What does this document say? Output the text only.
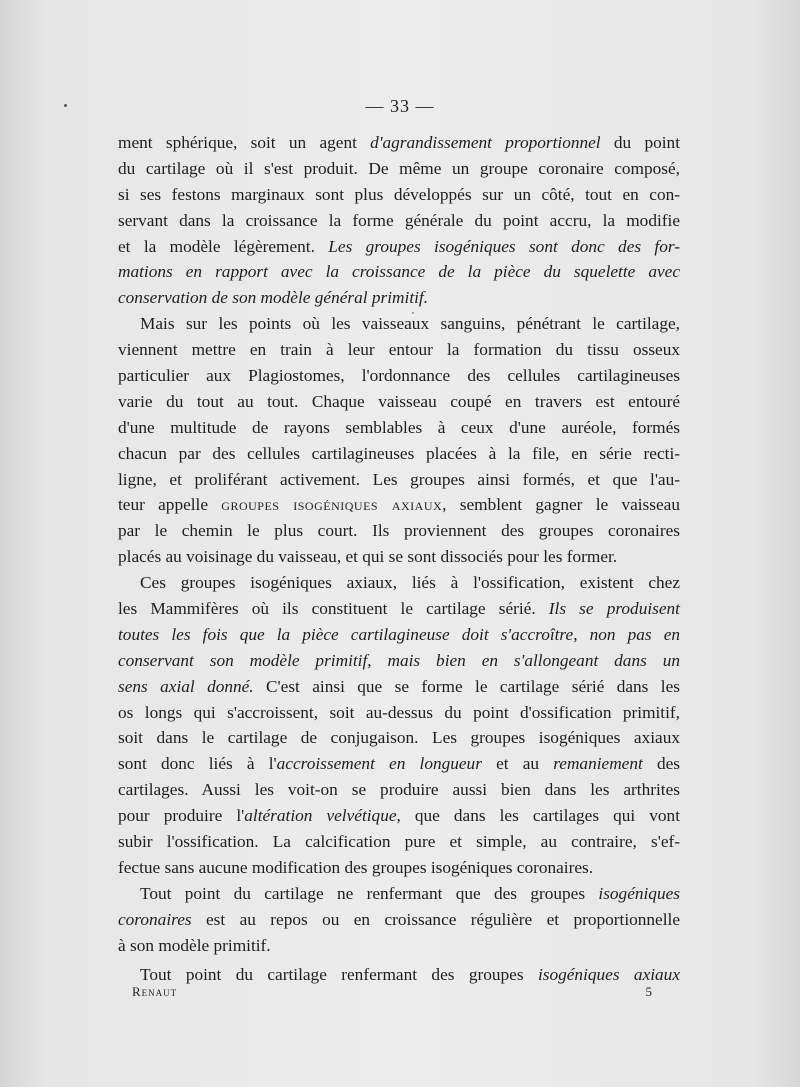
— 33 —
ment sphérique, soit un agent d'agrandissement proportionnel du point
du cartilage où il s'est produit. De même un groupe coronaire composé,
si ses festons marginaux sont plus développés sur un côté, tout en con-
servant dans la croissance la forme générale du point accru, la modifie
et la modèle légèrement. Les groupes isogéniques sont donc des for-
mations en rapport avec la croissance de la pièce du squelette avec
conservation de son modèle général primitif.
Mais sur les points où les vaisseaux sanguins, pénétrant le cartilage,
viennent mettre en train à leur entour la formation du tissu osseux
particulier aux Plagiostomes, l'ordonnance des cellules cartilagineuses
varie du tout au tout. Chaque vaisseau coupé en travers est entouré
d'une multitude de rayons semblables à ceux d'une auréole, formés
chacun par des cellules cartilagineuses placées à la file, en série recti-
ligne, et proliférant activement. Les groupes ainsi formés, et que l'au-
teur appelle groupes isogéniques axiaux, semblent gagner le vaisseau
par le chemin le plus court. Ils proviennent des groupes coronaires
placés au voisinage du vaisseau, et qui se sont dissociés pour les former.
Ces groupes isogéniques axiaux, liés à l'ossification, existent chez
les Mammifères où ils constituent le cartilage sérié. Ils se produisent
toutes les fois que la pièce cartilagineuse doit s'accroître, non pas en
conservant son modèle primitif, mais bien en s'allongeant dans un
sens axial donné. C'est ainsi que se forme le cartilage sérié dans les
os longs qui s'accroissent, soit au-dessus du point d'ossification primitif,
soit dans le cartilage de conjugaison. Les groupes isogéniques axiaux
sont donc liés à l'accroissement en longueur et au remaniement des
cartilages. Aussi les voit-on se produire aussi bien dans les arthrites
pour produire l'altération velvétique, que dans les cartilages qui vont
subir l'ossification. La calcification pure et simple, au contraire, s'ef-
fectue sans aucune modification des groupes isogéniques coronaires.
Tout point du cartilage ne renfermant que des groupes isogéniques
coronaires est au repos ou en croissance régulière et proportionnelle
à son modèle primitif.
Tout point du cartilage renfermant des groupes isogéniques axiaux
Renaut	5
